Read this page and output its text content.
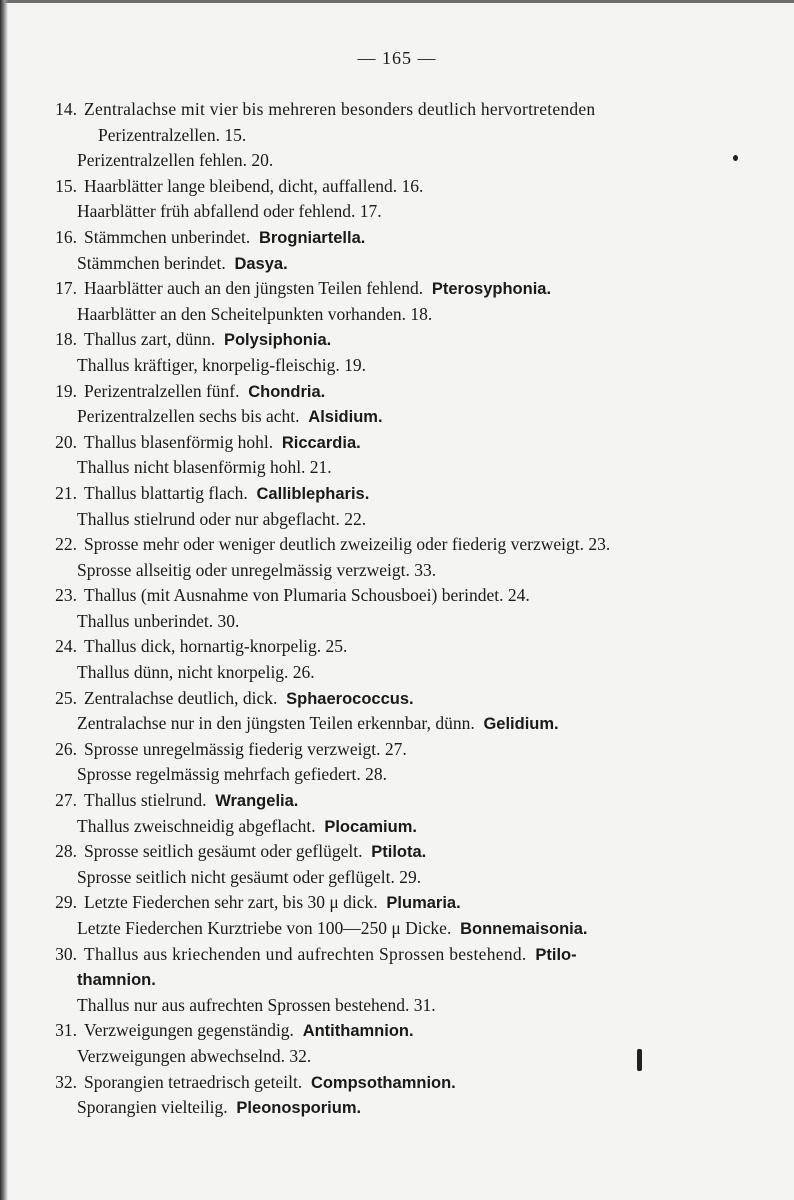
— 165 —
14. Zentralachse mit vier bis mehreren besonders deutlich hervortretenden
Perizentralzellen. 15.
Perizentralzellen fehlen. 20.
15. Haarblätter lange bleibend, dicht, auffallend. 16.
Haarblätter früh abfallend oder fehlend. 17.
16. Stämmchen unberindet. Brogniartella.
Stämmchen berindet. Dasya.
17. Haarblätter auch an den jüngsten Teilen fehlend. Pterosyphonia.
Haarblätter an den Scheitelpunkten vorhanden. 18.
18. Thallus zart, dünn. Polysiphonia.
Thallus kräftiger, knorpelig-fleischig. 19.
19. Perizentralzellen fünf. Chondria.
Perizentralzellen sechs bis acht. Alsidium.
20. Thallus blasenförmig hohl. Riccardia.
Thallus nicht blasenförmig hohl. 21.
21. Thallus blattartig flach. Calliblepharis.
Thallus stielrund oder nur abgeflacht. 22.
22. Sprosse mehr oder weniger deutlich zweizeilig oder fiederig verzweigt. 23.
Sprosse allseitig oder unregelmässig verzweigt. 33.
23. Thallus (mit Ausnahme von Plumaria Schousboei) berindet. 24.
Thallus unberindet. 30.
24. Thallus dick, hornartig-knorpelig. 25.
Thallus dünn, nicht knorpelig. 26.
25. Zentralachse deutlich, dick. Sphaerococcus.
Zentralachse nur in den jüngsten Teilen erkennbar, dünn. Gelidium.
26. Sprosse unregelmässig fiederig verzweigt. 27.
Sprosse regelmässig mehrfach gefiedert. 28.
27. Thallus stielrund. Wrangelia.
Thallus zweischneidig abgeflacht. Plocamium.
28. Sprosse seitlich gesäumt oder geflügelt. Ptilota.
Sprosse seitlich nicht gesäumt oder geflügelt. 29.
29. Letzte Fiederchen sehr zart, bis 30 μ dick. Plumaria.
Letzte Fiederchen Kurztriebe von 100—250 μ Dicke. Bonnemaisonia.
30. Thallus aus kriechenden und aufrechten Sprossen bestehend. Ptilo-
thamnion.
Thallus nur aus aufrechten Sprossen bestehend. 31.
31. Verzweigungen gegenständig. Antithamnion.
Verzweigungen abwechselnd. 32.
32. Sporangien tetraedrisch geteilt. Compsothamnion.
Sporangien vielteilig. Pleonosporium.
